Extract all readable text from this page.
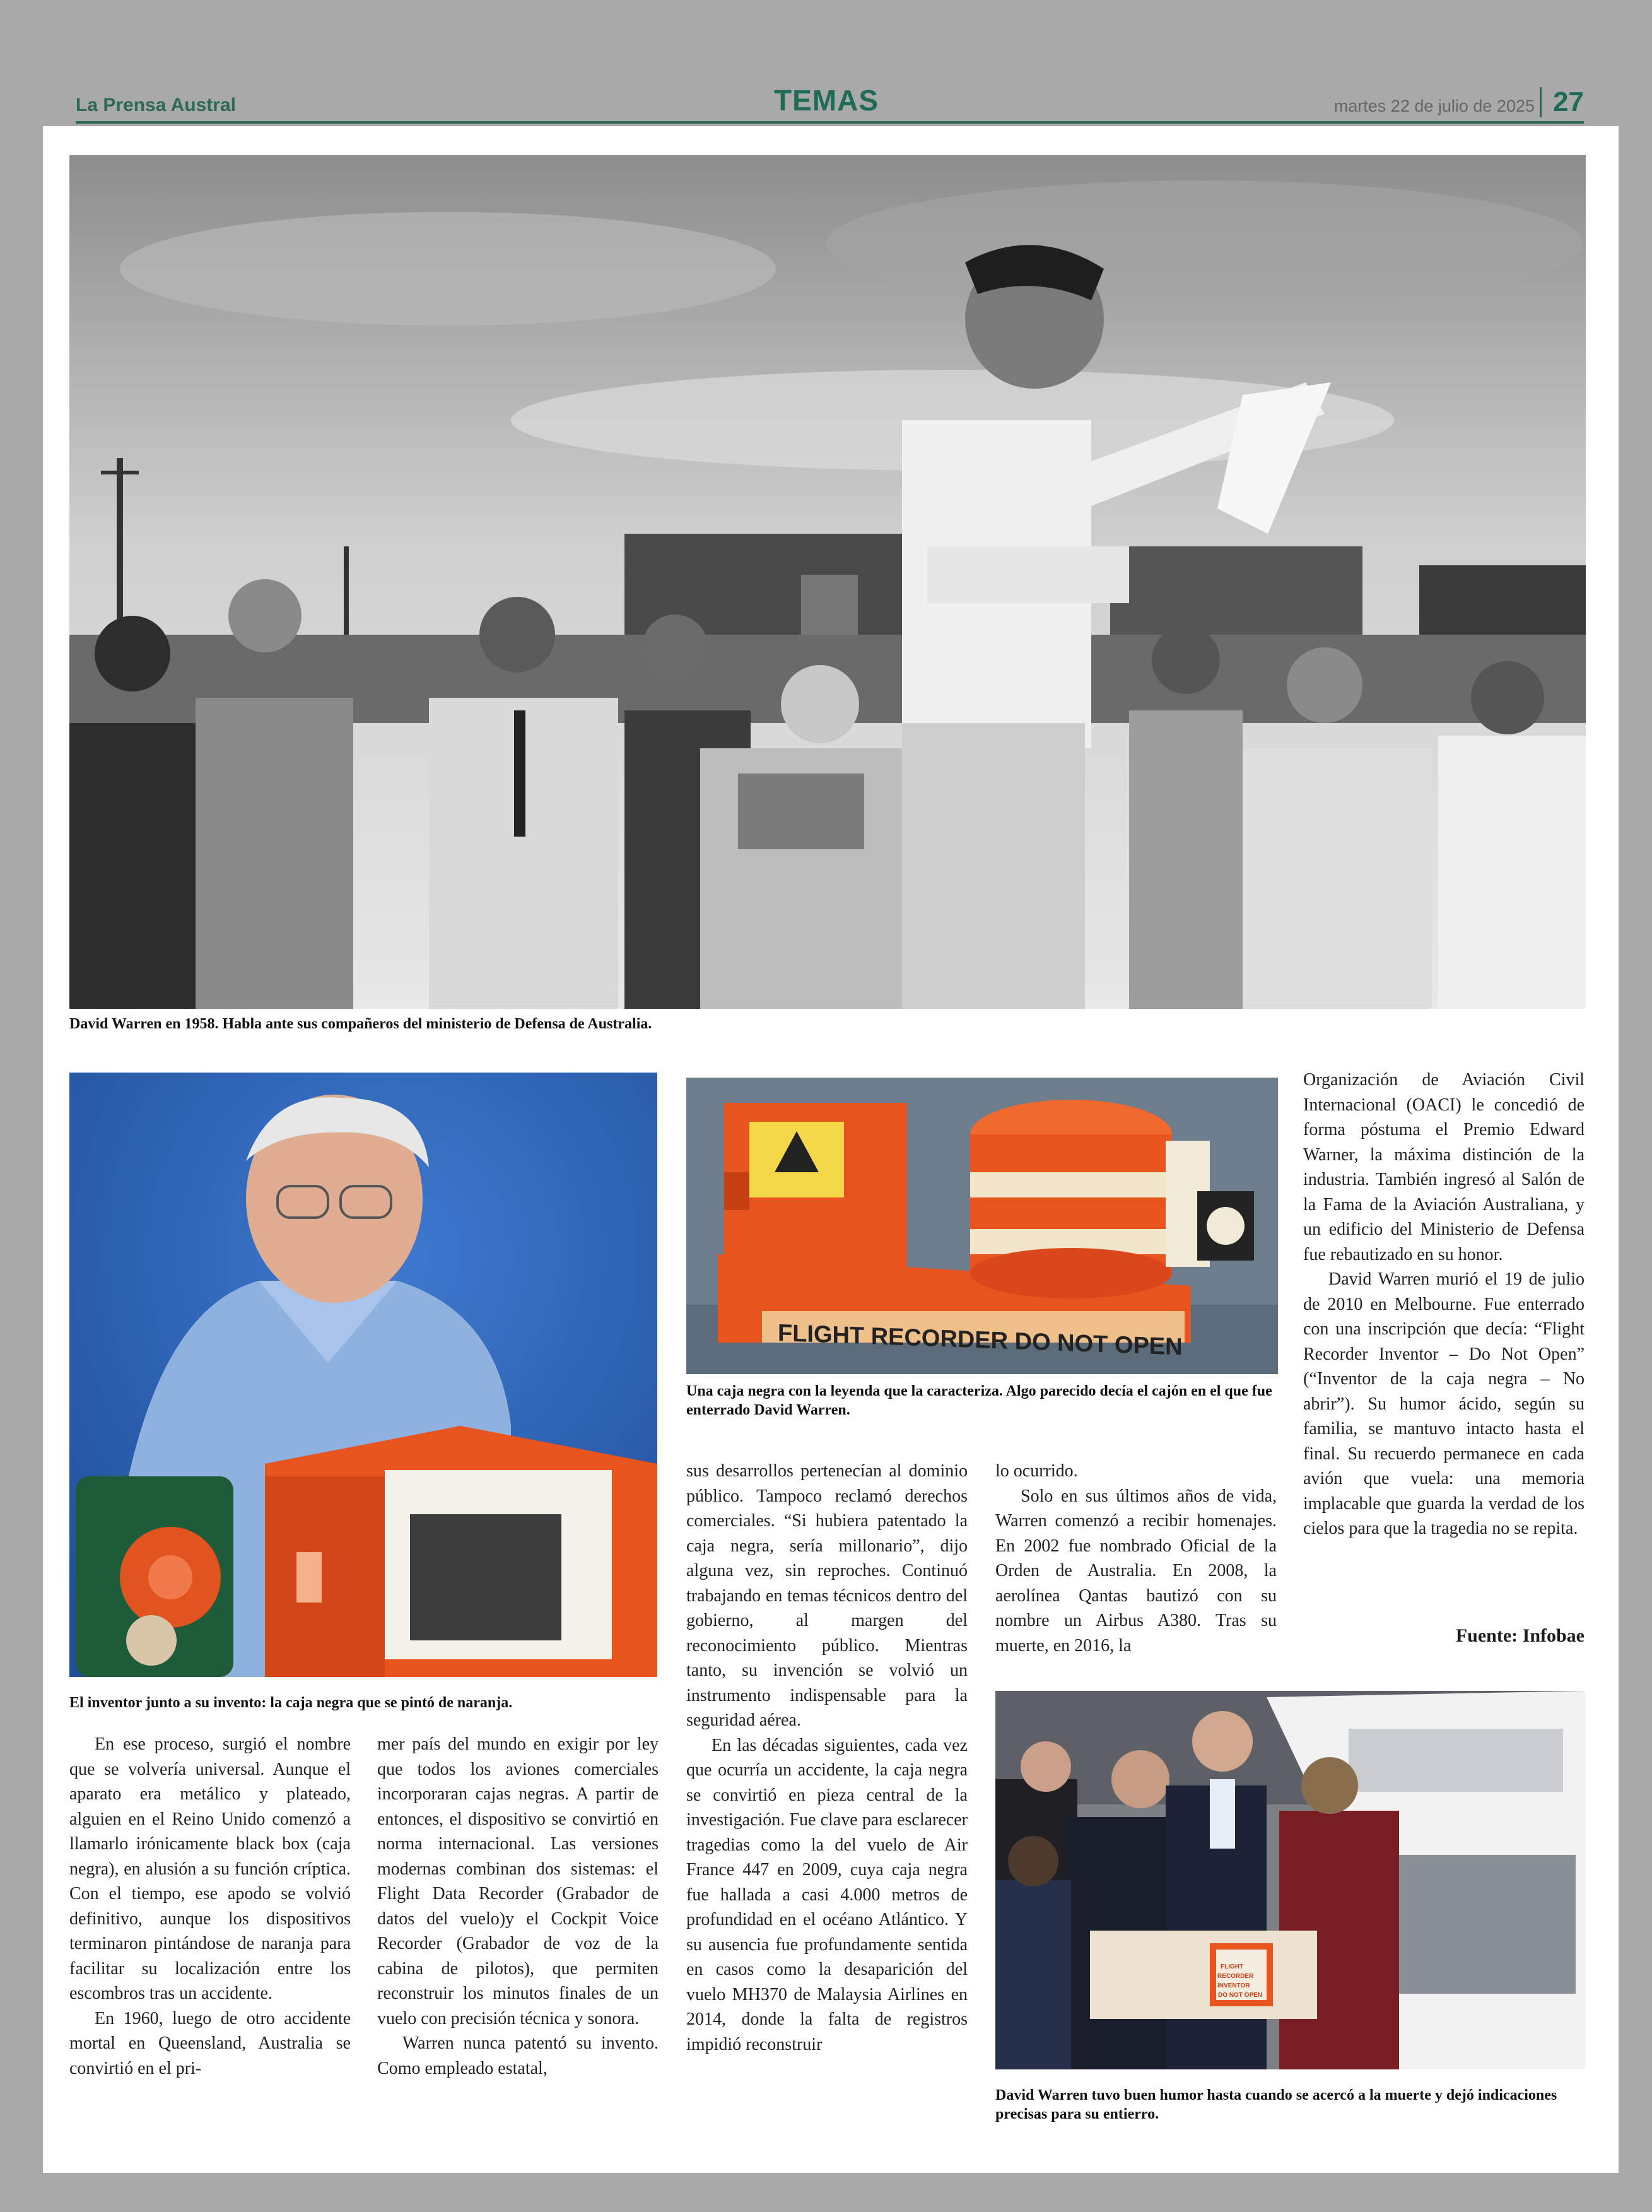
La Prensa Austral	TEMAS	martes 22 de julio de 2025 27
David Warren en 1958. Habla ante sus compañeros del ministerio de Defensa de Australia.
El inventor junto a su invento: la caja negra que se pintó de naranja.
FLIGHT RECORDER DO NOT OPEN
Una caja negra con la leyenda que la caracteriza. Algo parecido decía el cajón en el que fue enterrado David Warren.
FLIGHT
RECORDER
INVENTOR
DO NOT OPEN
David Warren tuvo buen humor hasta cuando se acercó a la muerte y dejó indicaciones precisas para su entierro.

En ese proceso, surgió el nombre que se volvería universal. Aunque el aparato era metálico y plateado, alguien en el Reino Unido comenzó a llamarlo irónicamente black box (caja negra), en alusión a su función críptica. Con el tiempo, ese apodo se volvió definitivo, aunque los dispositivos terminaron pintándose de naranja para facilitar su localización entre los escombros tras un accidente.

En 1960, luego de otro accidente mortal en Queensland, Australia se convirtió en el pri-

mer país del mundo en exigir por ley que todos los aviones comerciales incorporaran cajas negras. A partir de entonces, el dispositivo se convirtió en norma internacional. Las versiones modernas combinan dos sistemas: el Flight Data Recorder (Grabador de datos del vuelo)y el Cockpit Voice Recorder (Grabador de voz de la cabina de pilotos), que permiten reconstruir los minutos finales de un vuelo con precisión técnica y sonora.

Warren nunca patentó su invento. Como empleado estatal,

sus desarrollos pertenecían al dominio público. Tampoco reclamó derechos comerciales. “Si hubiera patentado la caja negra, sería millonario”, dijo alguna vez, sin reproches. Continuó trabajando en temas técnicos dentro del gobierno, al margen del reconocimiento público. Mientras tanto, su invención se volvió un instrumento indispensable para la seguridad aérea.

En las décadas siguientes, cada vez que ocurría un accidente, la caja negra se convirtió en pieza central de la investigación. Fue clave para esclarecer tragedias como la del vuelo de Air France 447 en 2009, cuya caja negra fue hallada a casi 4.000 metros de profundidad en el océano Atlántico. Y su ausencia fue profundamente sentida en casos como la desaparición del vuelo MH370 de Malaysia Airlines en 2014, donde la falta de registros impidió reconstruir

lo ocurrido.

Solo en sus últimos años de vida, Warren comenzó a recibir homenajes. En 2002 fue nombrado Oficial de la Orden de Australia. En 2008, la aerolínea Qantas bautizó con su nombre un Airbus A380. Tras su muerte, en 2016, la

Organización de Aviación Civil Internacional (OACI) le concedió de forma póstuma el Premio Edward Warner, la máxima distinción de la industria. También ingresó al Salón de la Fama de la Aviación Australiana, y un edificio del Ministerio de Defensa fue rebautizado en su honor.

David Warren murió el 19 de julio de 2010 en Melbourne. Fue enterrado con una inscripción que decía: “Flight Recorder Inventor – Do Not Open” (“Inventor de la caja negra – No abrir”). Su humor ácido, según su familia, se mantuvo intacto hasta el final. Su recuerdo permanece en cada avión que vuela: una memoria implacable que guarda la verdad de los cielos para que la tragedia no se repita.

Fuente: Infobae
